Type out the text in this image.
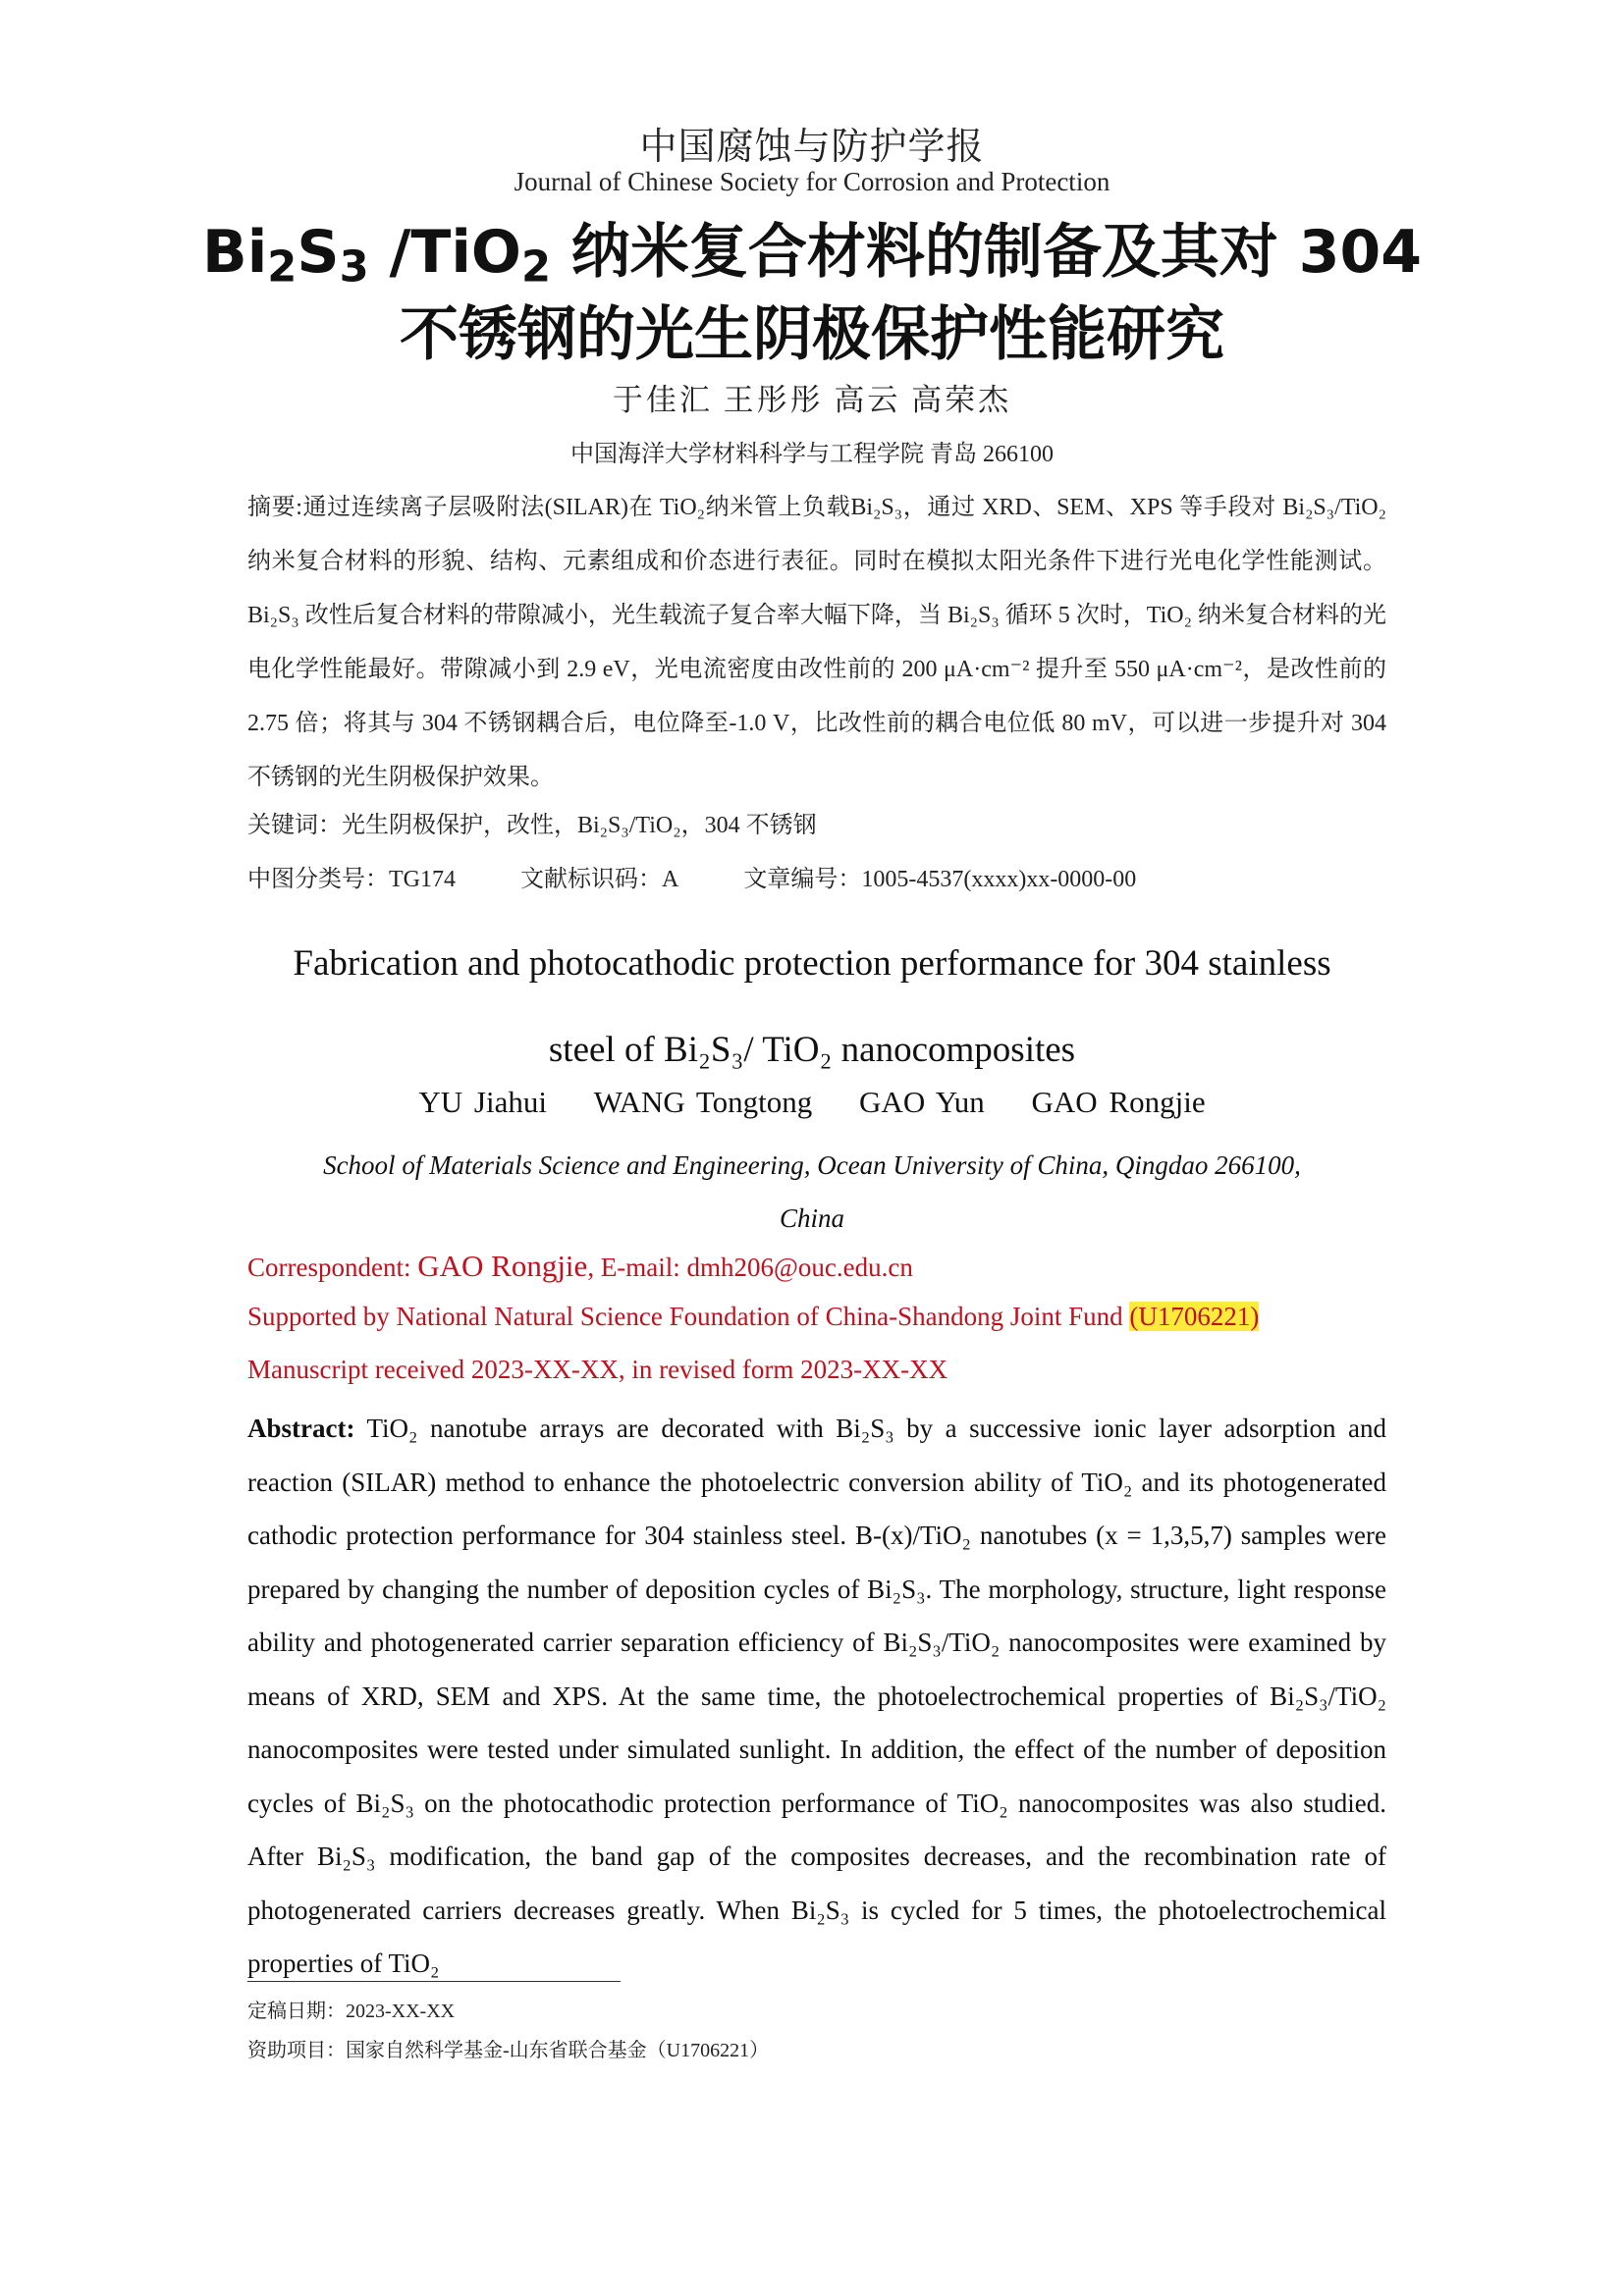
中国腐蚀与防护学报
Journal of Chinese Society for Corrosion and Protection
$Bi_2S_3$ /TiO$_2$ 纳米复合材料的制备及其对 304
不锈钢的光生阴极保护性能研究
于佳汇 王彤彤 高云 高荣杰
中国海洋大学材料科学与工程学院 青岛 266100
摘要:通过连续离子层吸附法(SILAR)在 TiO₂纳米管上负载Bi₂S₃，通过 XRD、SEM、XPS 等手段对 Bi₂S₃/TiO₂纳米复合材料的形貌、结构、元素组成和价态进行表征。同时在模拟太阳光条件下进行光电化学性能测试。Bi₂S₃ 改性后复合材料的带隙减小，光生载流子复合率大幅下降，当 Bi₂S₃ 循环 5 次时，TiO₂ 纳米复合材料的光电化学性能最好。带隙减小到 2.9 eV，光电流密度由改性前的 200 μA·cm⁻² 提升至 550 μA·cm⁻²，是改性前的 2.75 倍；将其与 304 不锈钢耦合后，电位降至-1.0 V，比改性前的耦合电位低 80 mV，可以进一步提升对 304 不锈钢的光生阴极保护效果。
关键词：光生阴极保护，改性，Bi₂S₃/TiO₂，304 不锈钢
中图分类号：TG174	文献标识码：A	文章编号：1005-4537(xxxx)xx-0000-00
Fabrication and photocathodic protection performance for 304 stainless
steel of Bi₂S₃/ TiO₂ nanocomposites
YU Jiahui WANG Tongtong GAO Yun GAO Rongjie
School of Materials Science and Engineering, Ocean University of China, Qingdao 266100,
China
Correspondent: GAO Rongjie, E-mail: dmh206@ouc.edu.cn
Supported by National Natural Science Foundation of China-Shandong Joint Fund (U1706221)
Manuscript received 2023-XX-XX, in revised form 2023-XX-XX
Abstract: TiO₂ nanotube arrays are decorated with Bi₂S₃ by a successive ionic layer adsorption and reaction (SILAR) method to enhance the photoelectric conversion ability of TiO₂ and its photogenerated cathodic protection performance for 304 stainless steel. B-(x)/TiO₂ nanotubes (x = 1,3,5,7) samples were prepared by changing the number of deposition cycles of Bi₂S₃. The morphology, structure, light response ability and photogenerated carrier separation efficiency of Bi₂S₃/TiO₂ nanocomposites were examined by means of XRD, SEM and XPS. At the same time, the photoelectrochemical properties of Bi₂S₃/TiO₂ nanocomposites were tested under simulated sunlight. In addition, the effect of the number of deposition cycles of Bi₂S₃ on the photocathodic protection performance of TiO₂ nanocomposites was also studied. After Bi₂S₃ modification, the band gap of the composites decreases, and the recombination rate of photogenerated carriers decreases greatly. When Bi₂S₃ is cycled for 5 times, the photoelectrochemical properties of TiO₂
定稿日期：2023-XX-XX
资助项目：国家自然科学基金-山东省联合基金（U1706221）
